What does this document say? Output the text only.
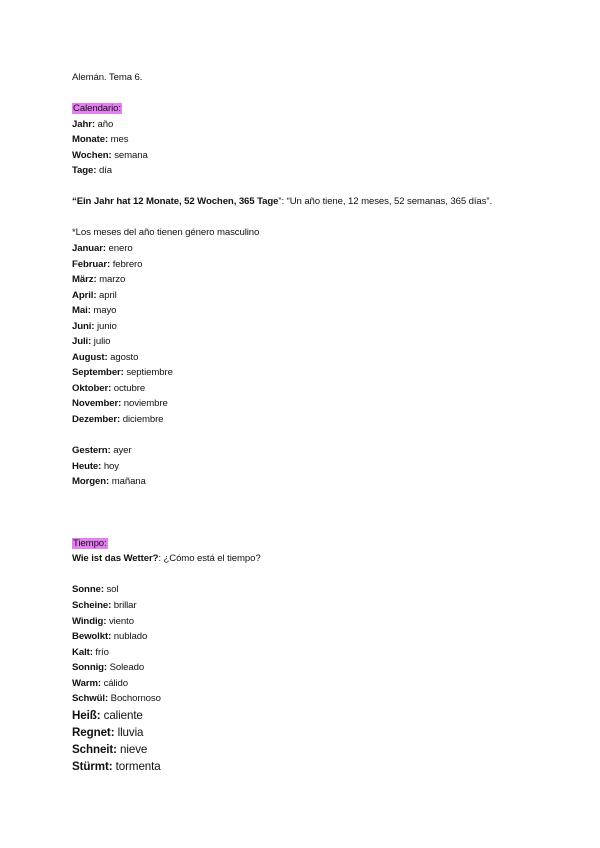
Alemán. Tema 6.
Calendario:
Jahr: año
Monate: mes
Wochen: semana
Tage: día
“Ein Jahr hat 12 Monate, 52 Wochen, 365 Tage”: “Un año tiene, 12 meses, 52 semanas, 365 días”.
*Los meses del año tienen género masculino
Januar: enero
Februar: febrero
März: marzo
April: april
Mai: mayo
Juni: junio
Juli: julio
August: agosto
September: septiembre
Oktober: octubre
November: noviembre
Dezember: diciembre
Gestern: ayer
Heute: hoy
Morgen: mañana
Tiempo:
Wie ist das Wetter?: ¿Cómo está el tiempo?
Sonne: sol
Scheine: brillar
Windig: viento
Bewolkt: nublado
Kalt: frío
Sonnig: Soleado
Warm: cálido
Schwül: Bochornoso
Heiß: caliente
Regnet: lluvia
Schneit: nieve
Stürmt: tormenta
